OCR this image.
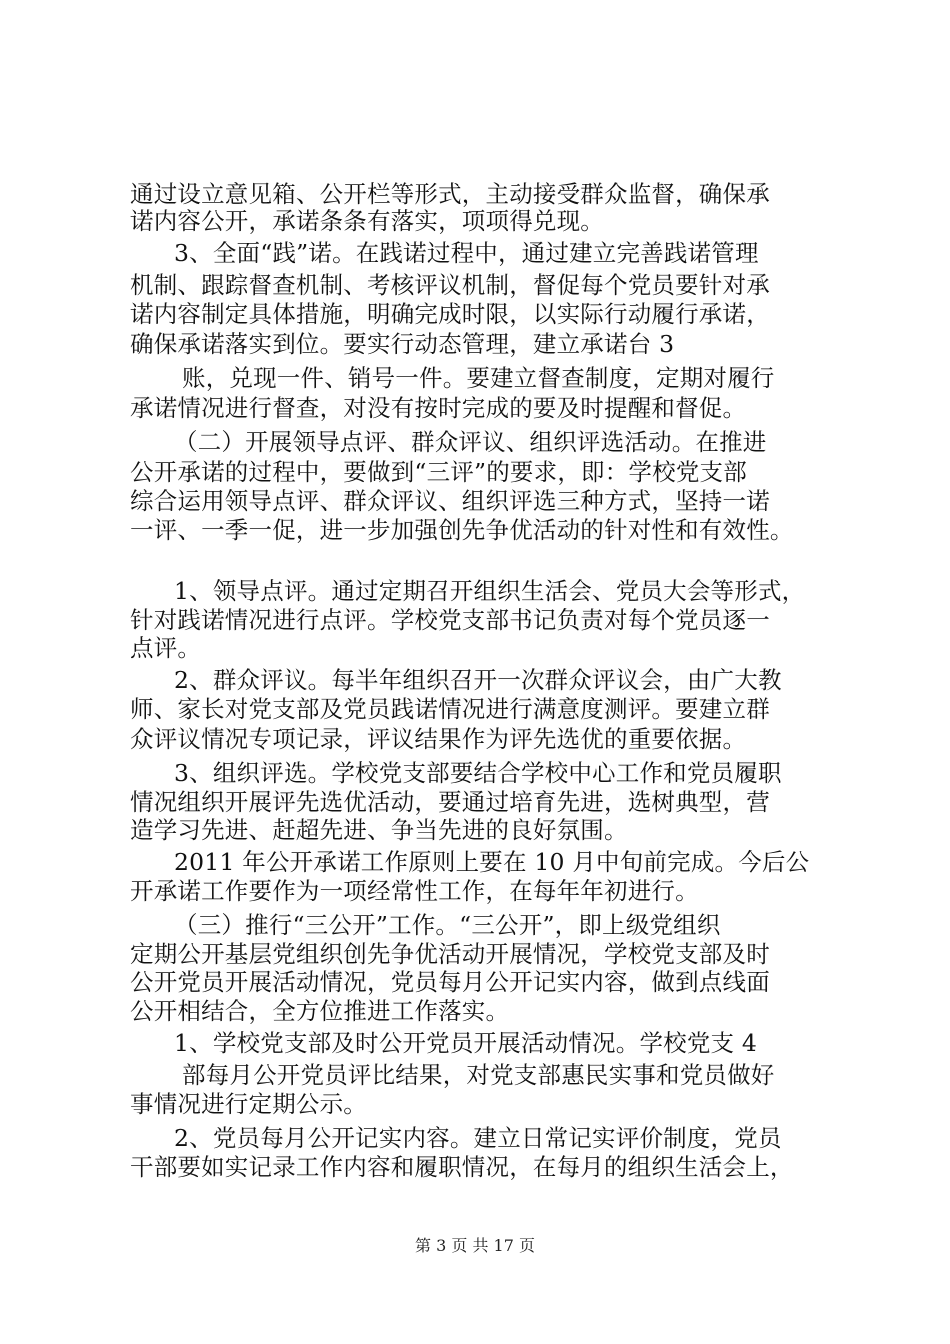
通过设立意见箱、公开栏等形式，主动接受群众监督，确保承
诺内容公开，承诺条条有落实，项项得兑现。
3、全面“践”诺。在践诺过程中，通过建立完善践诺管理
机制、跟踪督查机制、考核评议机制，督促每个党员要针对承
诺内容制定具体措施，明确完成时限，以实际行动履行承诺，
确保承诺落实到位。要实行动态管理，建立承诺台 3
账，兑现一件、销号一件。要建立督查制度，定期对履行
承诺情况进行督查，对没有按时完成的要及时提醒和督促。
（二）开展领导点评、群众评议、组织评选活动。在推进
公开承诺的过程中，要做到“三评”的要求，即：学校党支部
综合运用领导点评、群众评议、组织评选三种方式，坚持一诺
一评、一季一促，进一步加强创先争优活动的针对性和有效性。
1、领导点评。通过定期召开组织生活会、党员大会等形式，
针对践诺情况进行点评。学校党支部书记负责对每个党员逐一
点评。
2、群众评议。每半年组织召开一次群众评议会，由广大教
师、家长对党支部及党员践诺情况进行满意度测评。要建立群
众评议情况专项记录，评议结果作为评先选优的重要依据。
3、组织评选。学校党支部要结合学校中心工作和党员履职
情况组织开展评先选优活动，要通过培育先进，选树典型，营
造学习先进、赶超先进、争当先进的良好氛围。
2011 年公开承诺工作原则上要在 10 月中旬前完成。今后公
开承诺工作要作为一项经常性工作，在每年年初进行。
（三）推行“三公开”工作。“三公开”，即上级党组织
定期公开基层党组织创先争优活动开展情况，学校党支部及时
公开党员开展活动情况，党员每月公开记实内容，做到点线面
公开相结合，全方位推进工作落实。
1、学校党支部及时公开党员开展活动情况。学校党支 4
部每月公开党员评比结果，对党支部惠民实事和党员做好
事情况进行定期公示。
2、党员每月公开记实内容。建立日常记实评价制度，党员
干部要如实记录工作内容和履职情况，在每月的组织生活会上，
第 3 页 共 17 页
